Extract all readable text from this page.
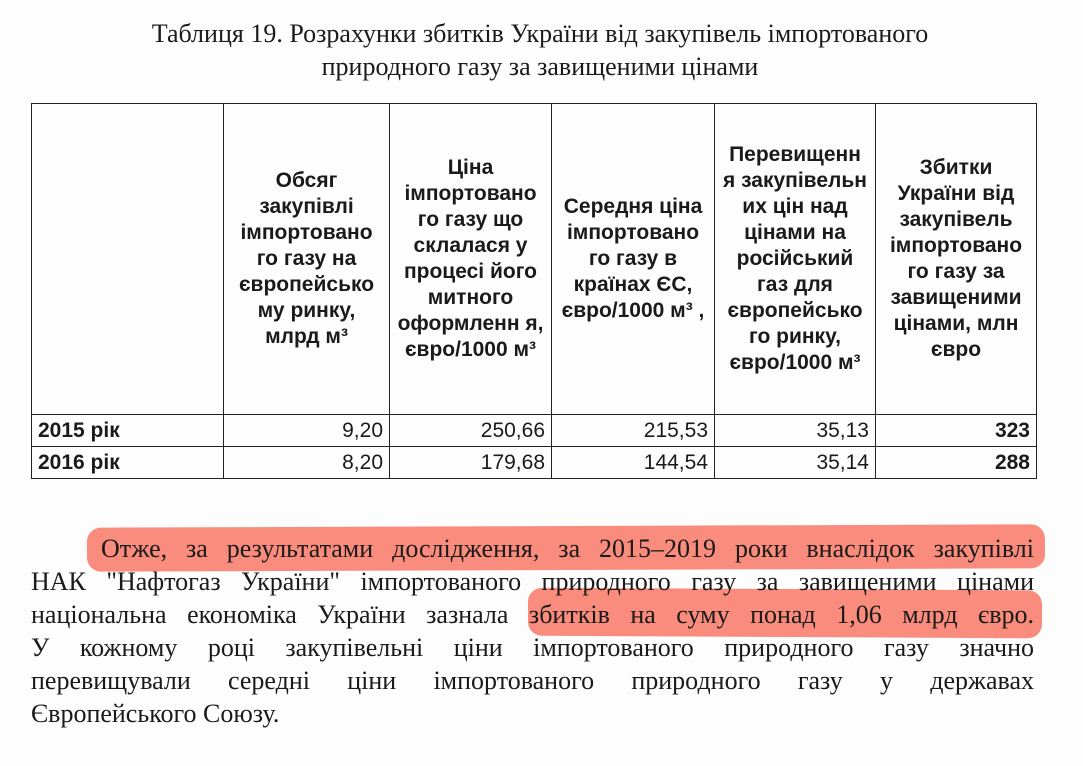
Таблиця 19. Розрахунки збитків України від закупівель імпортованого
природного газу за завищеними цінами
	Обсяг закупівлі імпортовано го газу на європейсько му ринку, млрд м³	Ціна імпортовано го газу що склалася у процесі його митного оформленн я, євро/1000 м³	Середня ціна імпортовано го газу в країнах ЄС, євро/1000 м³ ,	Перевищенн я закупівельн их цін над цінами на російський газ для європейсько го ринку, євро/1000 м³	Збитки України від закупівель імпортовано го газу за завищеними цінами, млн євро
2015 рік	9,20	250,66	215,53	35,13	323
2016 рік	8,20	179,68	144,54	35,14	288
Отже, за результатами дослідження, за 2015–2019 роки внаслідок закупівлі
НАК "Нафтогаз України" імпортованого природного газу за завищеними цінами
національна економіка України зазнала збитків на суму понад 1,06 млрд євро.
У кожному році закупівельні ціни імпортованого природного газу значно
перевищували середні ціни імпортованого природного газу у державах
Європейського Союзу.
